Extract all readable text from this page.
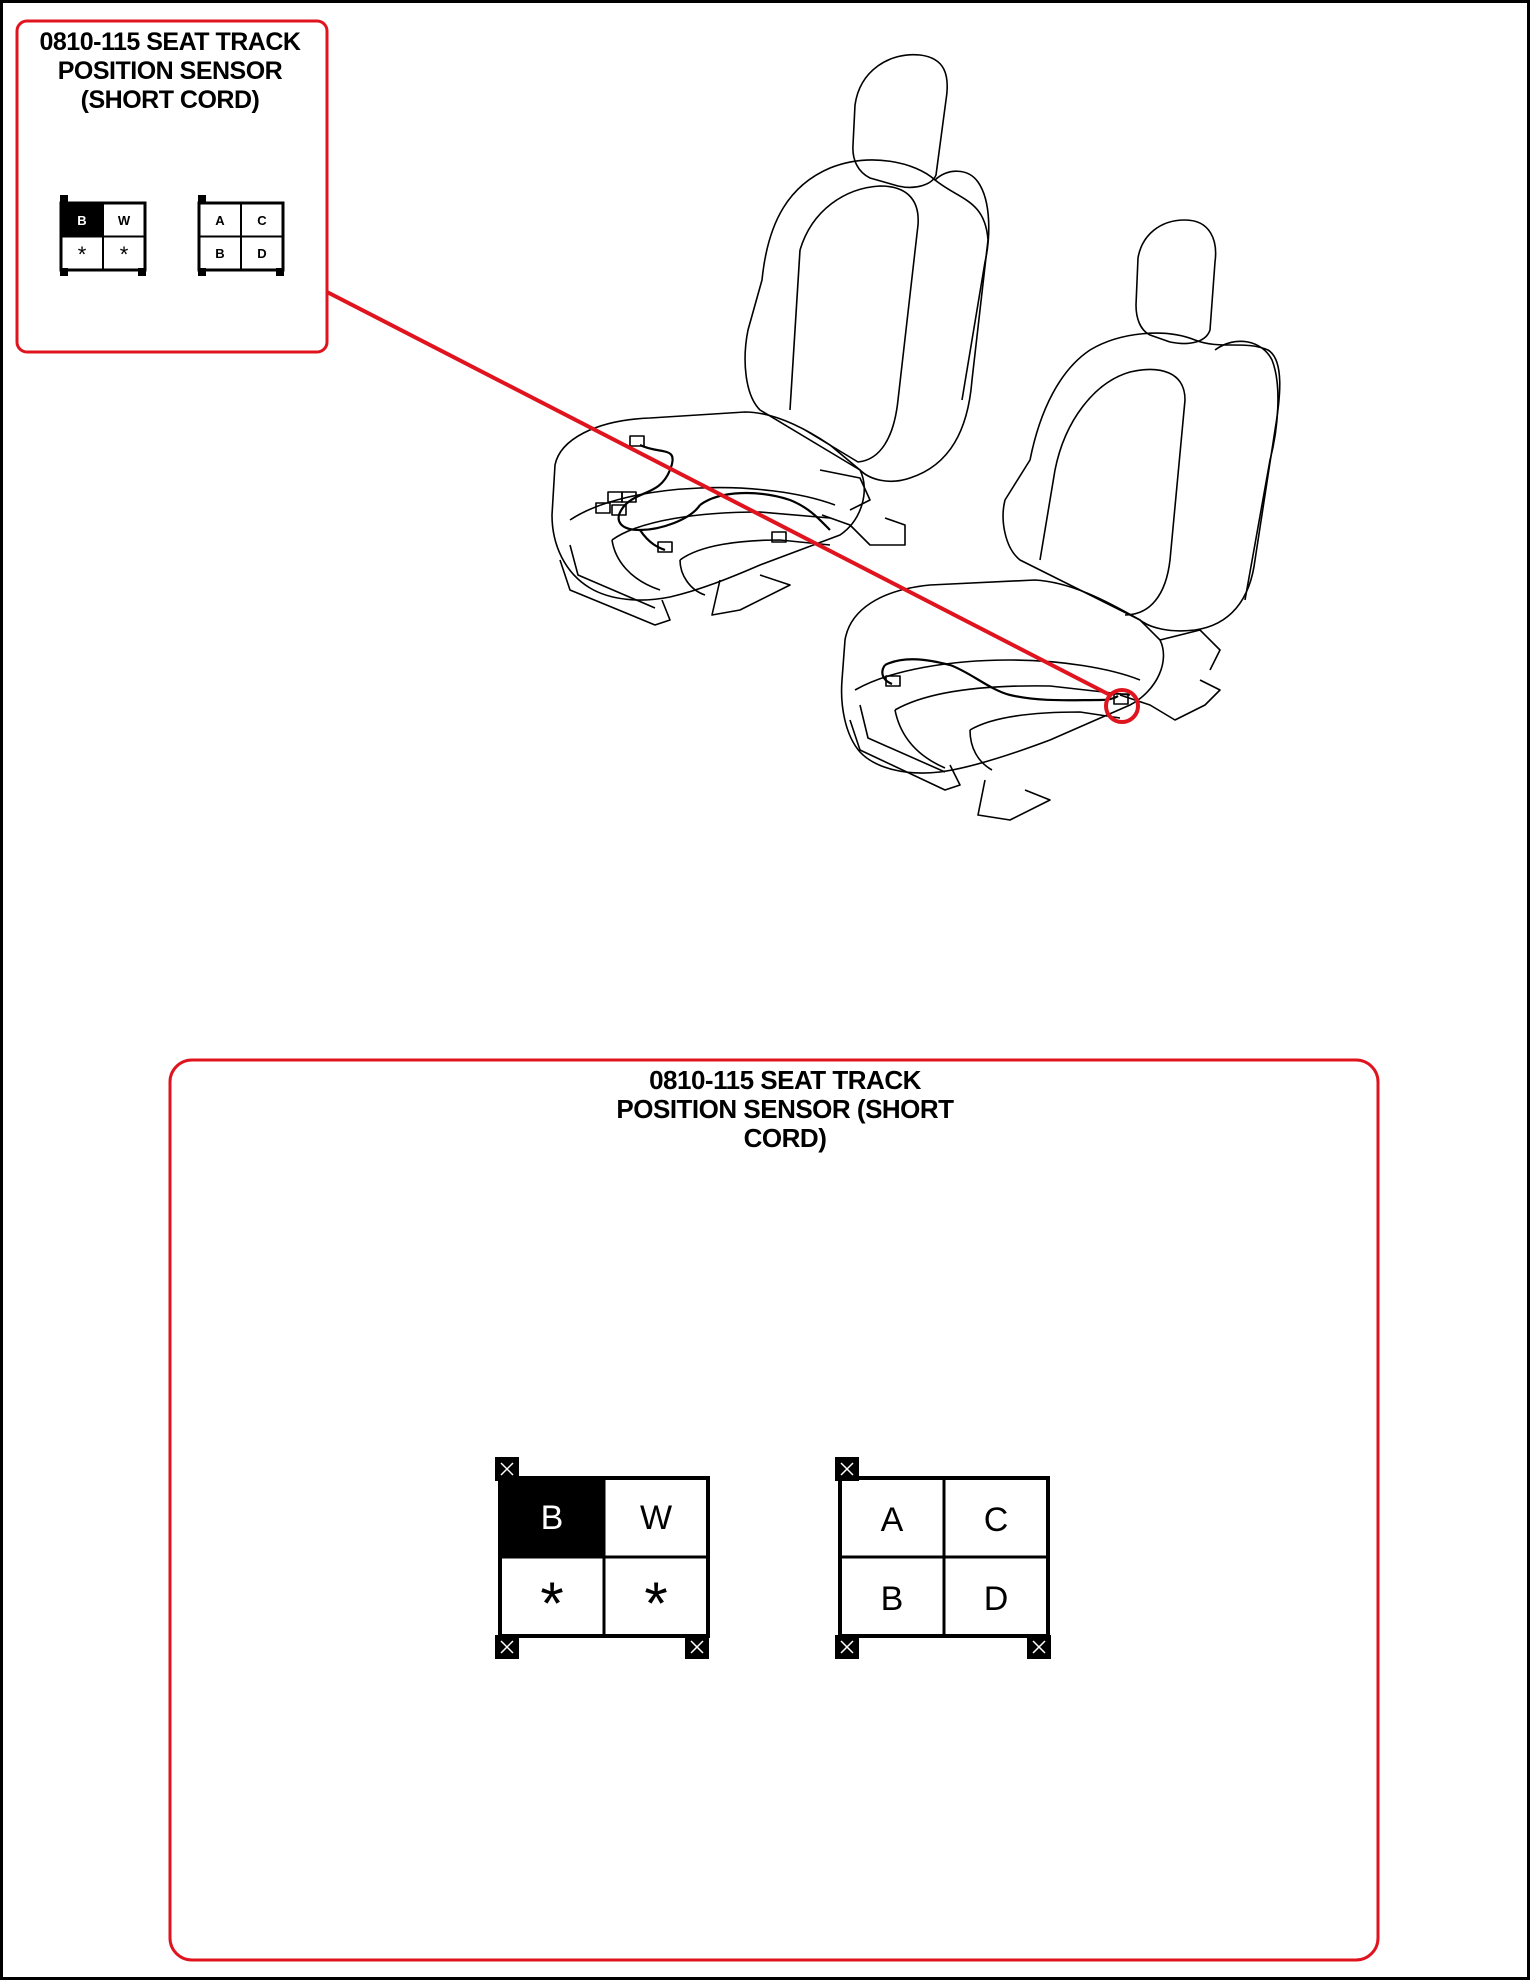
B W
* *
A	C
B	D
B W
* *
A C
B D
0810-115 SEAT TRACK
POSITION SENSOR
(SHORT CORD)
0810-115 SEAT TRACK
POSITION SENSOR (SHORT
CORD)
